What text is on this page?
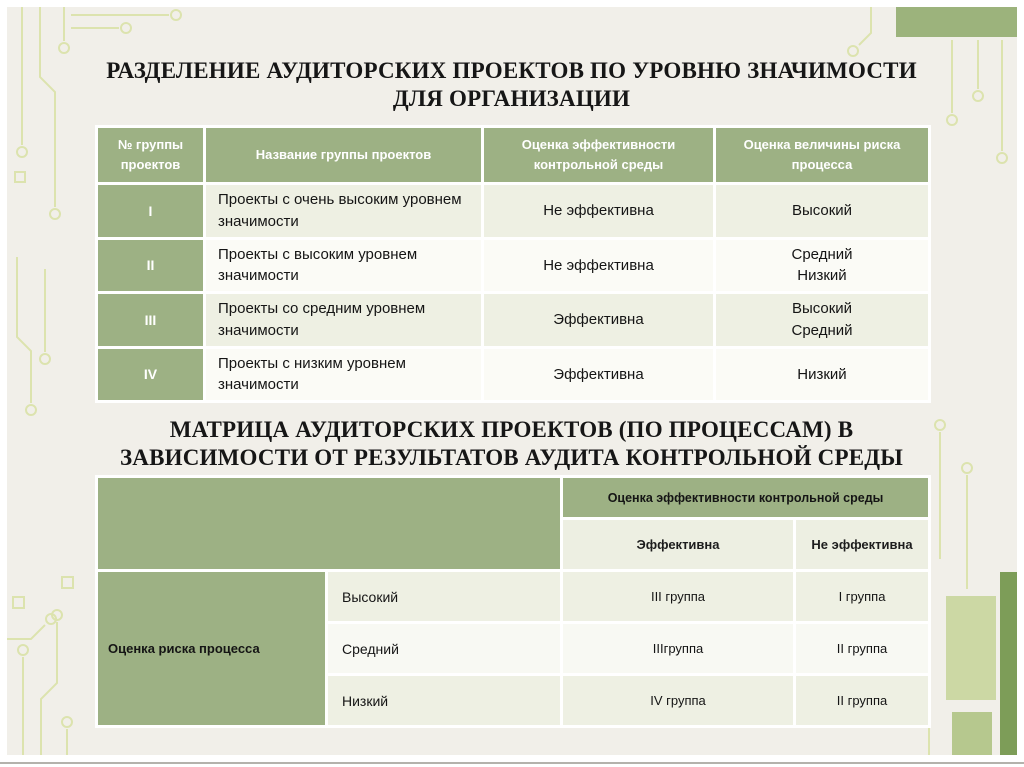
РАЗДЕЛЕНИЕ АУДИТОРСКИХ ПРОЕКТОВ ПО УРОВНЮ ЗНАЧИМОСТИ
ДЛЯ ОРГАНИЗАЦИИ
№ группы проектов	Название группы проектов	Оценка эффективности контрольной среды	Оценка величины риска процесса
I	Проекты с очень высоким уровнем значимости	Не эффективна	Высокий

II	Проекты с высоким уровнем значимости	Не эффективна	Средний
Низкий

III	Проекты со средним уровнем значимости	Эффективна	Высокий
Средний

IV	Проекты с низким уровнем значимости	Эффективна	Низкий
МАТРИЦА АУДИТОРСКИХ ПРОЕКТОВ (ПО ПРОЦЕССАМ) В
ЗАВИСИМОСТИ ОТ РЕЗУЛЬТАТОВ АУДИТА КОНТРОЛЬНОЙ СРЕДЫ
		Оценка эффективности контрольной среды	
		Эффективна	Не эффективна
Оценка риска процесса	Высокий	III группа	I группа
	Средний	IIIгруппа	II группа
	Низкий	IV группа	II группа
